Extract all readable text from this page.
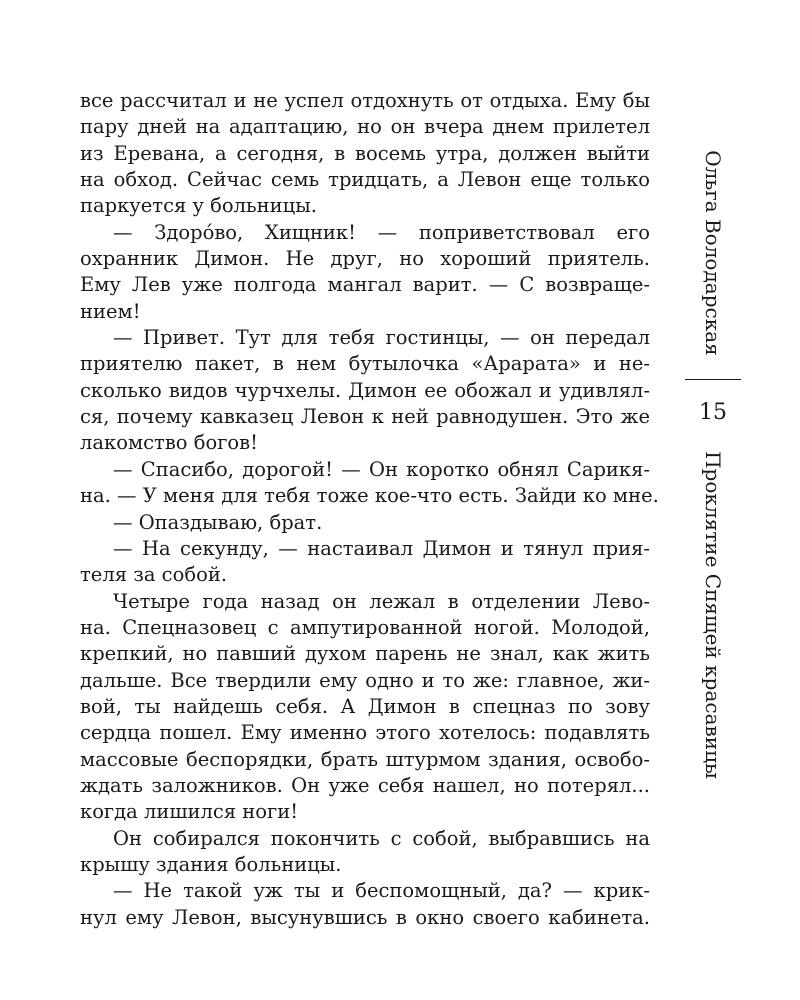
все рассчитал и не успел отдохнуть от отдыха. Ему бы
пару дней на адаптацию, но он вчера днем прилетел
из Еревана, а сегодня, в восемь утра, должен выйти
на обход. Сейчас семь тридцать, а Левон еще только
паркуется у больницы.
— Здоро́во, Хищник! — поприветствовал его
охранник Димон. Не друг, но хороший приятель.
Ему Лев уже полгода мангал варит. — С возвраще-
нием!
— Привет. Тут для тебя гостинцы, — он передал
приятелю пакет, в нем бутылочка «Арарата» и не-
сколько видов чурчхелы. Димон ее обожал и удивлял-
ся, почему кавказец Левон к ней равнодушен. Это же
лакомство богов!
— Спасибо, дорогой! — Он коротко обнял Сарикя-
на. — У меня для тебя тоже кое-что есть. Зайди ко мне.
— Опаздываю, брат.
— На секунду, — настаивал Димон и тянул прия-
теля за собой.
Четыре года назад он лежал в отделении Лево-
на. Спецназовец с ампутированной ногой. Молодой,
крепкий, но павший духом парень не знал, как жить
дальше. Все твердили ему одно и то же: главное, жи-
вой, ты найдешь себя. А Димон в спецназ по зову
сердца пошел. Ему именно этого хотелось: подавлять
массовые беспорядки, брать штурмом здания, освобо-
ждать заложников. Он уже себя нашел, но потерял...
когда лишился ноги!
Он собирался покончить с собой, выбравшись на
крышу здания больницы.
— Не такой уж ты и беспомощный, да? — крик-
нул ему Левон, высунувшись в окно своего кабинета.
Ольга Володарская
15
Проклятие Спящей красавицы
